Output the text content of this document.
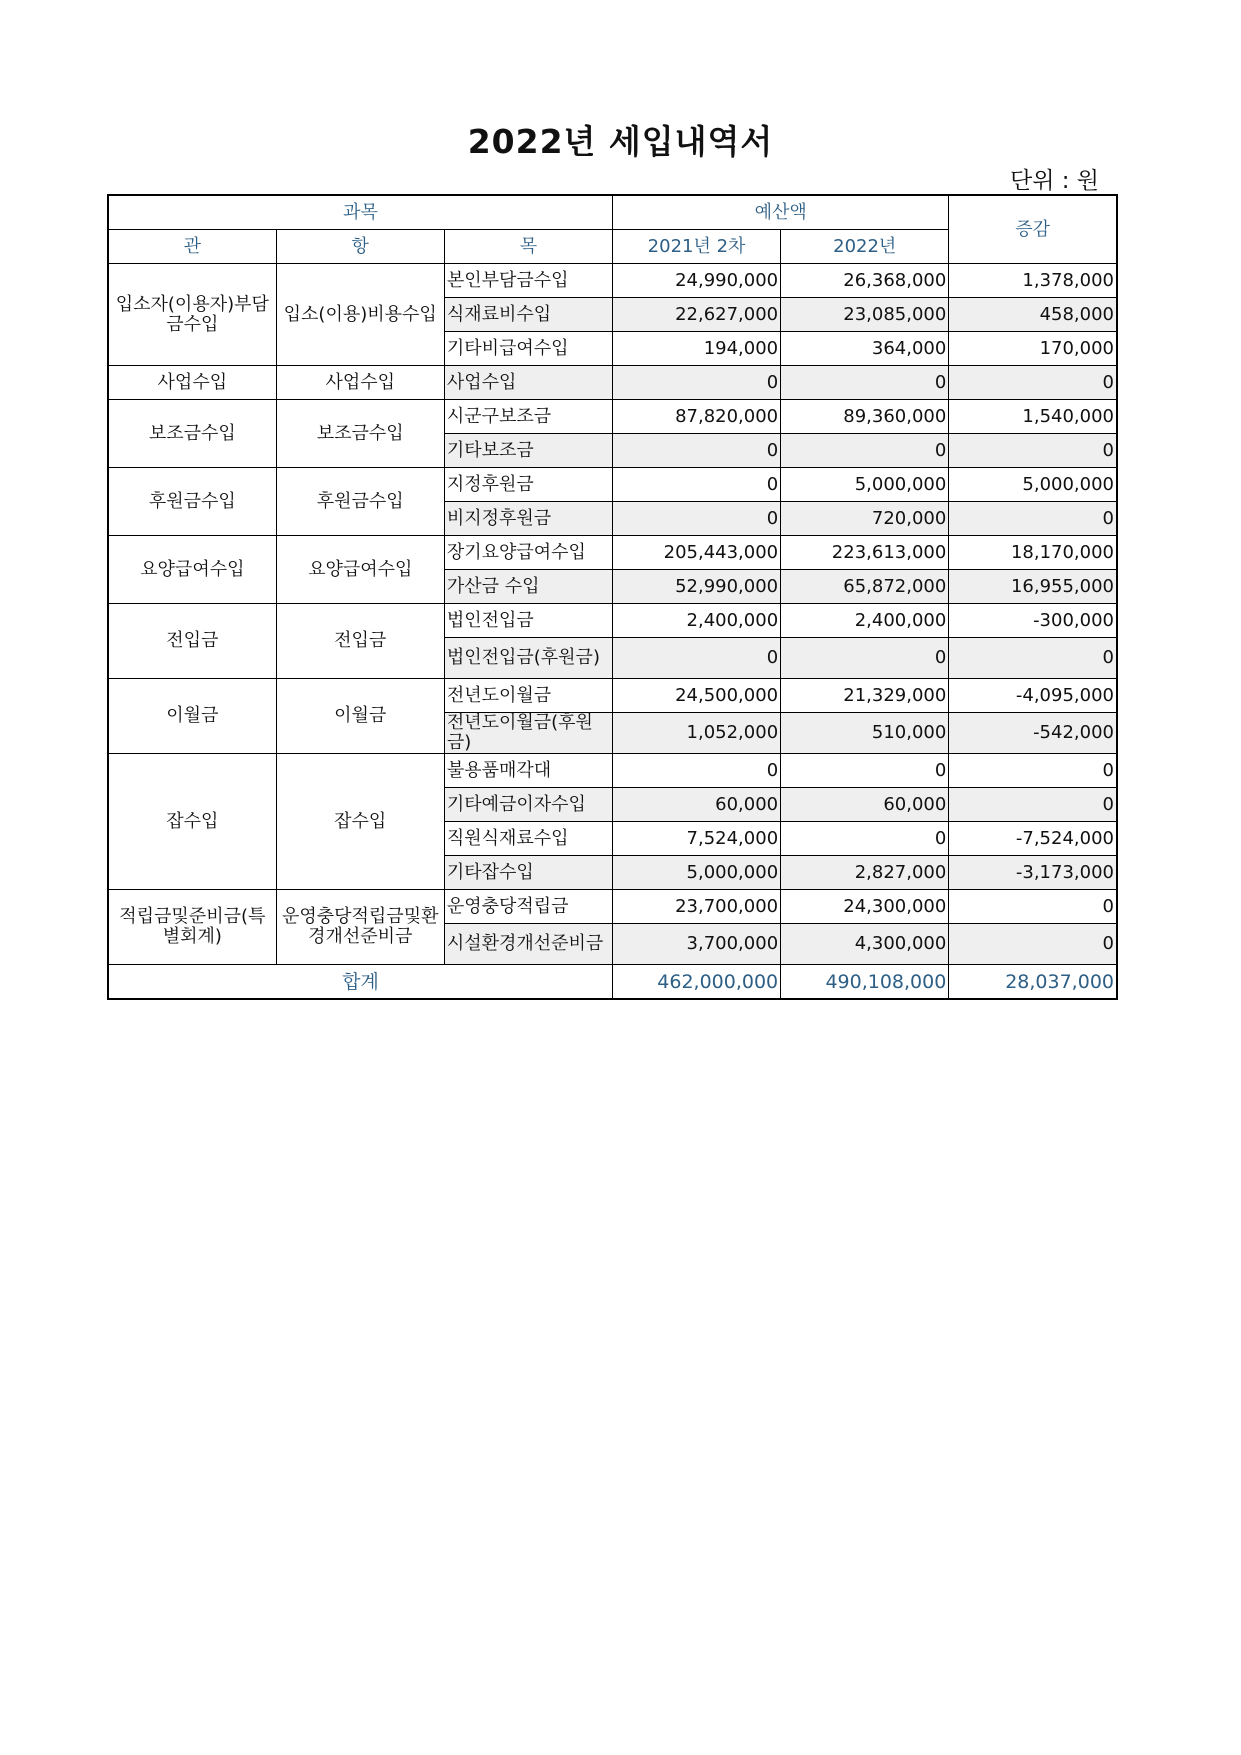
2022년 세입내역서
단위 : 원
과목			예산액		증감
관	항	목	2021년 2차	2022년	
입소자(이용자)부담금수입	입소(이용)비용수입	본인부담금수입	24,990,000	26,368,000	1,378,000
		식재료비수입	22,627,000	23,085,000	458,000
		기타비급여수입	194,000	364,000	170,000
사업수입	사업수입	사업수입	0	0	0
보조금수입	보조금수입	시군구보조금	87,820,000	89,360,000	1,540,000
		기타보조금	0	0	0
후원금수입	후원금수입	지정후원금	0	5,000,000	5,000,000
		비지정후원금	0	720,000	0
요양급여수입	요양급여수입	장기요양급여수입	205,443,000	223,613,000	18,170,000
		가산금 수입	52,990,000	65,872,000	16,955,000
전입금	전입금	법인전입금	2,400,000	2,400,000	-300,000
		법인전입금(후원금)	0	0	0
이월금	이월금	전년도이월금	24,500,000	21,329,000	-4,095,000
		전년도이월금(후원금)	1,052,000	510,000	-542,000
잡수입	잡수입	불용품매각대	0	0	0
		기타예금이자수입	60,000	60,000	0
		직원식재료수입	7,524,000	0	-7,524,000
		기타잡수입	5,000,000	2,827,000	-3,173,000
적립금및준비금(특별회계)	운영충당적립금및환경개선준비금	운영충당적립금	23,700,000	24,300,000	0
		시설환경개선준비금	3,700,000	4,300,000	0
합계			462,000,000	490,108,000	28,037,000
